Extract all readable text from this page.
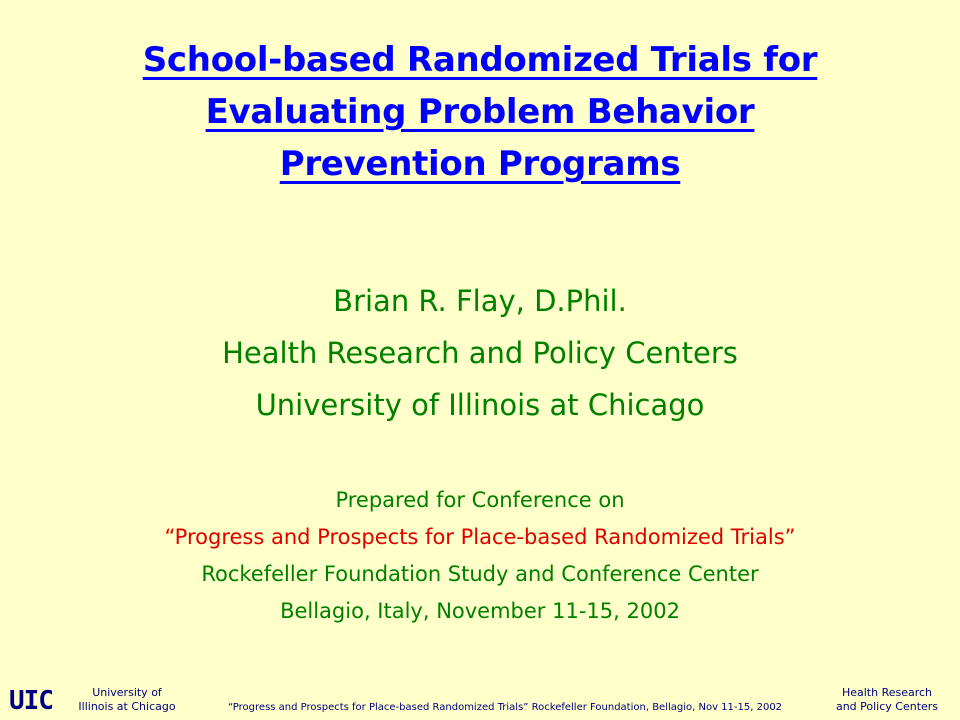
School-based Randomized Trials for
Evaluating Problem Behavior
Prevention Programs
Brian R. Flay, D.Phil.
Health Research and Policy Centers
University of Illinois at Chicago
Prepared for Conference on
“Progress and Prospects for Place-based Randomized Trials”
Rockefeller Foundation Study and Conference Center
Bellagio, Italy, November 11-15, 2002
UIC	University of
Illinois at Chicago	“Progress and Prospects for Place-based Randomized Trials” Rockefeller Foundation, Bellagio, Nov 11-15, 2002
Health Research
and Policy Centers
